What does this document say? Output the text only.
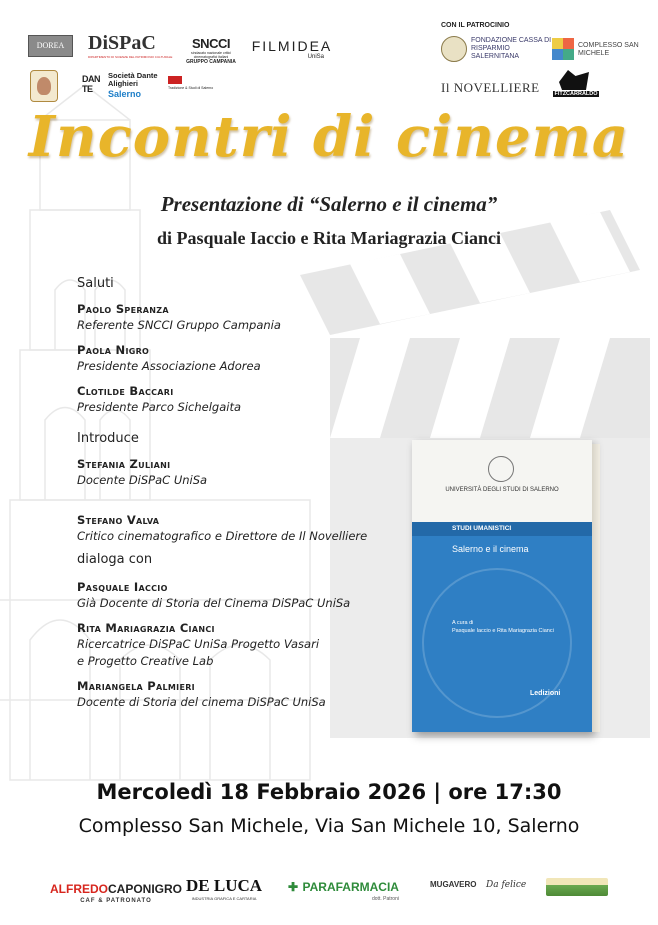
DOREA	DiSPaC
DIPARTIMENTO DI SCIENZE DEL PATRIMONIO CULTURALE
SNCCI
sindacato nazionale critici cinematografici italiani
GRUPPO CAMPANIA
FILMIDEA
UniSa
DANTE
Società Dante Alighieri
Salerno
Tradizione & Studi di Salerno
CON IL PATROCINIO
FONDAZIONE CASSA DI RISPARMIO SALERNITANA
COMPLESSO SAN MICHELE
Il NOVELLIERE	FITZCARRALDO
Incontri di cinema
Presentazione di “Salerno e il cinema”
di Pasquale Iaccio e Rita Mariagrazia Cianci
Saluti
Paolo Speranza
Referente SNCCI Gruppo Campania
Paola Nigro
Presidente Associazione Adorea
Clotilde Baccari
Presidente Parco Sichelgaita
Introduce
Stefania Zuliani
Docente DiSPaC UniSa
Stefano Valva
Critico cinematografico e Direttore de Il Novelliere
dialoga con
Pasquale Iaccio
Già Docente di Storia del Cinema DiSPaC UniSa
Rita Mariagrazia Cianci
Ricercatrice DiSPaC UniSa Progetto Vasari
e Progetto Creative Lab
Mariangela Palmieri
Docente di Storia del cinema DiSPaC UniSa
UNIVERSITÀ DEGLI STUDI DI SALERNO
STUDI UMANISTICI
Salerno e il cinema
A cura di
Pasquale Iaccio e Rita Mariagrazia Cianci
Ledizioni
Mercoledì 18 Febbraio 2026 | ore 17:30
Complesso San Michele, Via San Michele 10, Salerno
ALFREDOCAPONIGRO
CAF & PATRONATO
DE LUCA
INDUSTRIA GRAFICA E CARTARIA
✚ PARAFARMACIA
dott. Patroni
MUGAVERO Da felice
